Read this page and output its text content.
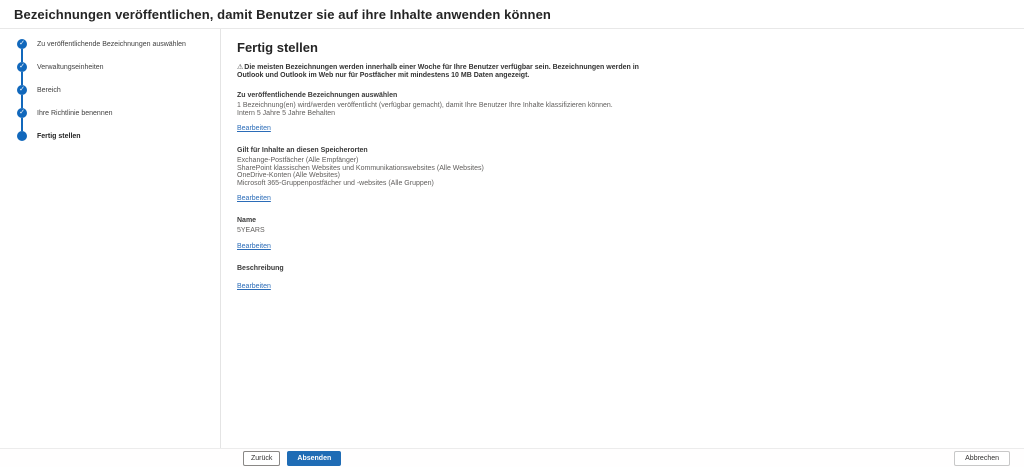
Bezeichnungen veröffentlichen, damit Benutzer sie auf ihre Inhalte anwenden können
✓ Zu veröffentlichende Bezeichnungen auswählen
✓ Verwaltungseinheiten
✓ Bereich
✓ Ihre Richtlinie benennen
Fertig stellen
Fertig stellen
⚠Die meisten Bezeichnungen werden innerhalb einer Woche für Ihre Benutzer verfügbar sein. Bezeichnungen werden in Outlook und Outlook im Web nur für Postfächer mit mindestens 10 MB Daten angezeigt.
Zu veröffentlichende Bezeichnungen auswählen
1 Bezeichnung(en) wird/werden veröffentlicht (verfügbar gemacht), damit Ihre Benutzer Ihre Inhalte klassifizieren können.
Intern 5 Jahre 5 Jahre Behalten
Bearbeiten
Gilt für Inhalte an diesen Speicherorten
Exchange-Postfächer (Alle Empfänger)
SharePoint klassischen Websites und Kommunikationswebsites (Alle Websites)
OneDrive-Konten (Alle Websites)
Microsoft 365-Gruppenpostfächer und -websites (Alle Gruppen)
Bearbeiten
Name
5YEARS
Bearbeiten
Beschreibung
Bearbeiten
Zurück	Absenden	Abbrechen
